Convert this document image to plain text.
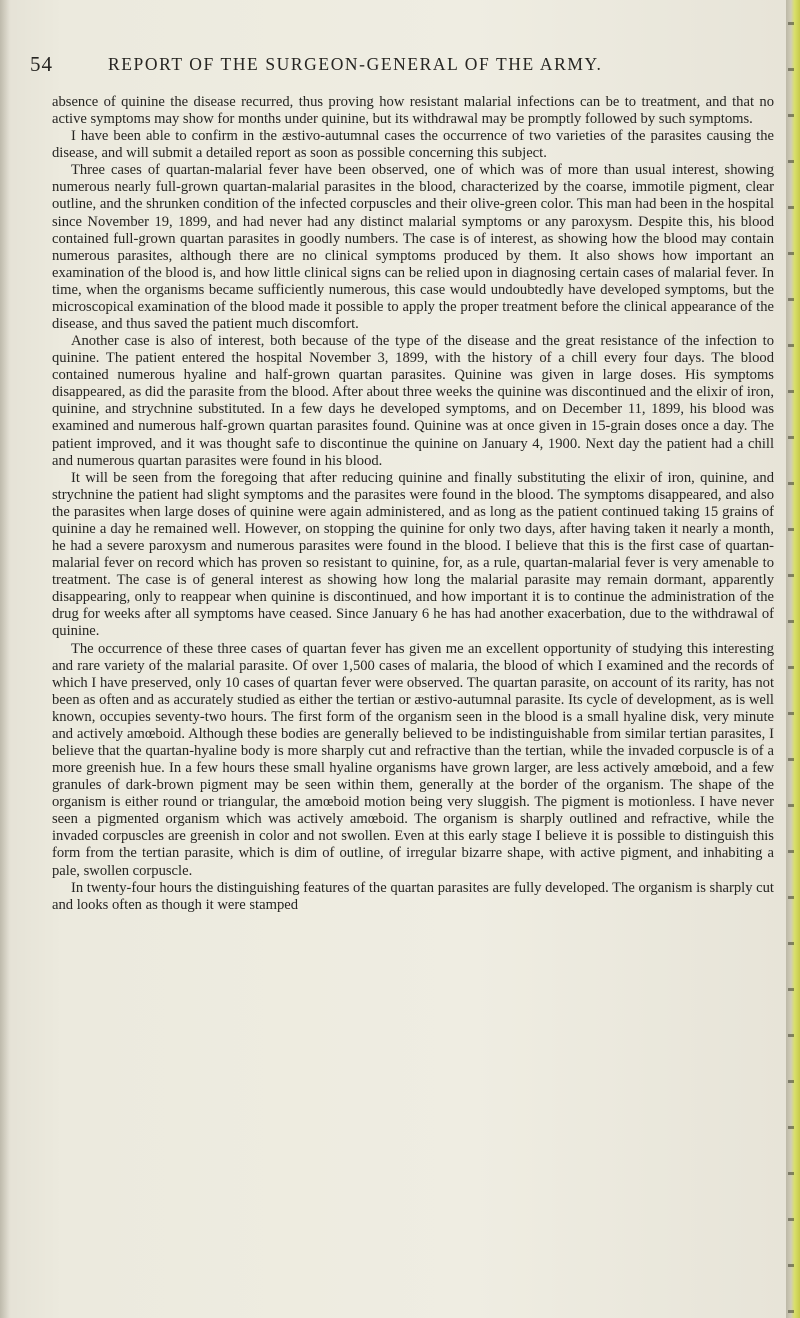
54	REPORT OF THE SURGEON-GENERAL OF THE ARMY.

absence of quinine the disease recurred, thus proving how resistant malarial infections can be to treatment, and that no active symptoms may show for months under quinine, but its withdrawal may be promptly followed by such symptoms.

I have been able to confirm in the æstivo-autumnal cases the occurrence of two varieties of the parasites causing the disease, and will submit a detailed report as soon as possible concerning this subject.

Three cases of quartan-malarial fever have been observed, one of which was of more than usual interest, showing numerous nearly full-grown quartan-malarial parasites in the blood, characterized by the coarse, immotile pigment, clear outline, and the shrunken condition of the infected corpuscles and their olive-green color. This man had been in the hospital since November 19, 1899, and had never had any distinct malarial symptoms or any paroxysm. Despite this, his blood contained full-grown quartan parasites in goodly numbers. The case is of interest, as showing how the blood may contain numerous parasites, although there are no clinical symptoms produced by them. It also shows how important an examination of the blood is, and how little clinical signs can be relied upon in diagnosing certain cases of malarial fever. In time, when the organisms became sufficiently numerous, this case would undoubtedly have developed symptoms, but the microscopical examination of the blood made it possible to apply the proper treatment before the clinical appearance of the disease, and thus saved the patient much discomfort.

Another case is also of interest, both because of the type of the disease and the great resistance of the infection to quinine. The patient entered the hospital November 3, 1899, with the history of a chill every four days. The blood contained numerous hyaline and half-grown quartan parasites. Quinine was given in large doses. His symptoms disappeared, as did the parasite from the blood. After about three weeks the quinine was discontinued and the elixir of iron, quinine, and strychnine substituted. In a few days he developed symptoms, and on December 11, 1899, his blood was examined and numerous half-grown quartan parasites found. Quinine was at once given in 15-grain doses once a day. The patient improved, and it was thought safe to discontinue the quinine on January 4, 1900. Next day the patient had a chill and numerous quartan parasites were found in his blood.

It will be seen from the foregoing that after reducing quinine and finally substituting the elixir of iron, quinine, and strychnine the patient had slight symptoms and the parasites were found in the blood. The symptoms disappeared, and also the parasites when large doses of quinine were again administered, and as long as the patient continued taking 15 grains of quinine a day he remained well. However, on stopping the quinine for only two days, after having taken it nearly a month, he had a severe paroxysm and numerous parasites were found in the blood. I believe that this is the first case of quartan-malarial fever on record which has proven so resistant to quinine, for, as a rule, quartan-malarial fever is very amenable to treatment. The case is of general interest as showing how long the malarial parasite may remain dormant, apparently disappearing, only to reappear when quinine is discontinued, and how important it is to continue the administration of the drug for weeks after all symptoms have ceased. Since January 6 he has had another exacerbation, due to the withdrawal of quinine.

The occurrence of these three cases of quartan fever has given me an excellent opportunity of studying this interesting and rare variety of the malarial parasite. Of over 1,500 cases of malaria, the blood of which I examined and the records of which I have preserved, only 10 cases of quartan fever were observed. The quartan parasite, on account of its rarity, has not been as often and as accurately studied as either the tertian or æstivo-autumnal parasite. Its cycle of development, as is well known, occupies seventy-two hours. The first form of the organism seen in the blood is a small hyaline disk, very minute and actively amœboid. Although these bodies are generally believed to be indistinguishable from similar tertian parasites, I believe that the quartan-hyaline body is more sharply cut and refractive than the tertian, while the invaded corpuscle is of a more greenish hue. In a few hours these small hyaline organisms have grown larger, are less actively amœboid, and a few granules of dark-brown pigment may be seen within them, generally at the border of the organism. The shape of the organism is either round or triangular, the amœboid motion being very sluggish. The pigment is motionless. I have never seen a pigmented organism which was actively amœboid. The organism is sharply outlined and refractive, while the invaded corpuscles are greenish in color and not swollen. Even at this early stage I believe it is possible to distinguish this form from the tertian parasite, which is dim of outline, of irregular bizarre shape, with active pigment, and inhabiting a pale, swollen corpuscle.

In twenty-four hours the distinguishing features of the quartan parasites are fully developed. The organism is sharply cut and looks often as though it were stamped
